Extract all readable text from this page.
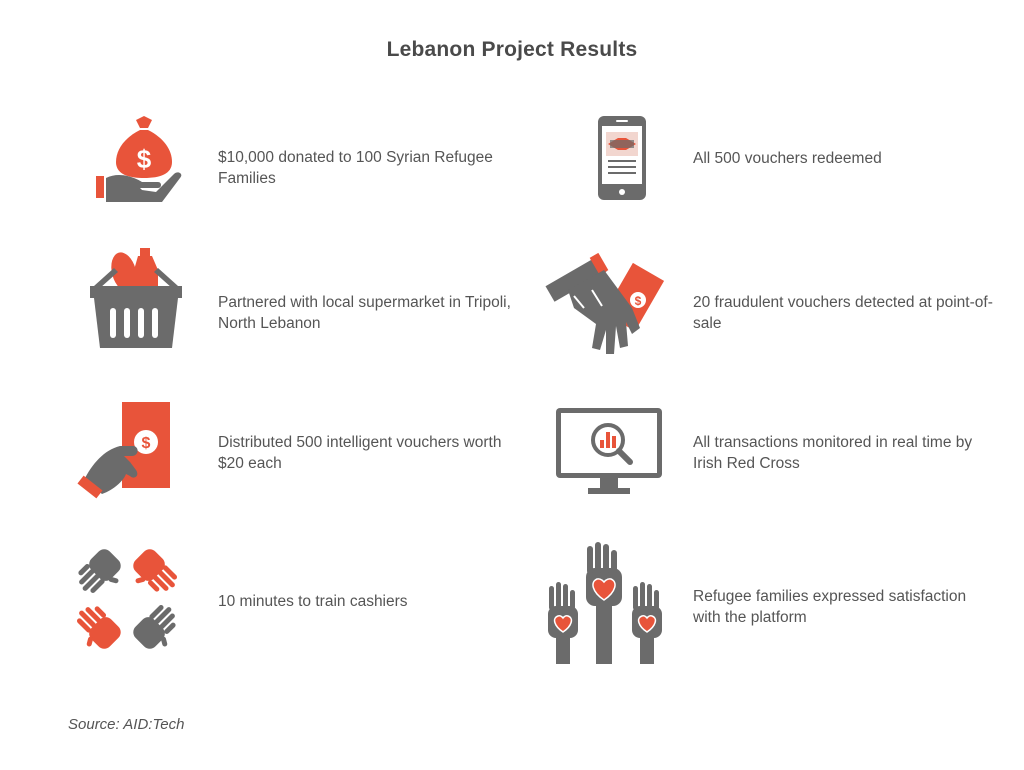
Lebanon Project Results
$	$10,000 donated to 100 Syrian Refugee Families
All 500 vouchers redeemed
Partnered with local supermarket in Tripoli, North Lebanon
$	20 fraudulent vouchers detected at point-of-sale
$	Distributed 500 intelligent vouchers worth $20 each
All transactions monitored in real time by Irish Red Cross
10 minutes to train cashiers	Refugee families expressed satisfaction with the platform
Source: AID:Tech
